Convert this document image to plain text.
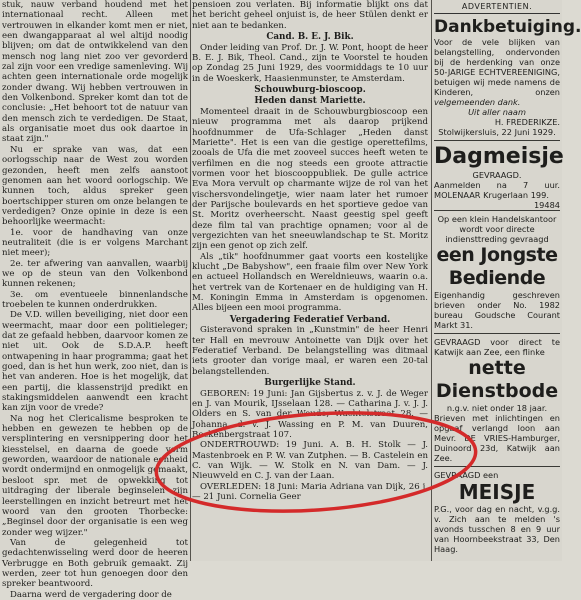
stuk, nauw verband houdend met het internationaal recht. Alleen met vertrouwen in elkander komt men er niet, een dwangapparaat al wel altijd noodig blijven; om dat de ontwikkelend van den mensch nog lang niet zoo ver gevorderd zal zijn voor een vredige samenleving. Wij achten geen internationale orde mogelijk zonder dwang. Wij hebben vertrouwen in den Volkenbond. Spreker komt dan tot de conclusie: „Het behoort tot de natuur van den mensch zich te verdedigen. De Staat, als organisatie moet dus ook daartoe in staat zijn."

Nu er sprake van was, dat een oorlogsschip naar de West zou worden gezonden, heeft men zelfs aanstoot genomen aan het woord oorlogschip. We kunnen toch, aldus spreker geen boertschipper sturen om onze belangen te verdedigen? Onze opinie in deze is een behoorlijke weermacht:

1e. voor de handhaving van onze neutraliteit (die is er volgens Marchant niet meer);

2e. ter afwering van aanvallen, waarbij we op de steun van den Volkenbond kunnen rekenen;

3e. om eventueele binnenlandsche troebelen te kunnen onderdrukken.

De V.D. willen beveiliging, niet door een weermacht, maar door een politieleger; dat ze gefaald hebben, daarvoor komen ze niet uit. Ook de S.D.A.P. heeft ontwapening in haar programma; gaat het goed, dan is het hun werk, zoo niet, dan is het van anderen. Hoe is het mogelijk, dat een partij, die klassenstrijd predikt en stakingsmiddelen aanwendt een kracht kan zijn voor de vrede?

Na nog het Clericalisme besproken te hebben en gewezen te hebben op de versplintering en versnippering door het kiesstelsel, en daarna de goede vorm geworden, waardoor de nationale eenheid wordt ondermijnd en onmogelijk gemaakt, besloot spr. met de opwekking tot uitdraging der liberale beginselen zijn leerstellingen en inzicht betreurt met het woord van den grooten Thorbecke: „Beginsel door der organisatie is een weg zonder weg wijzer."

Van de gelegenheid tot gedachtenwisseling werd door de heeren Verbrugge en Both gebruik gemaakt. Zij werden, zeer tot hun genoegen door den spreker beantwoord.

Daarna werd de vergadering door de

pensioen zou verlaten. Bij informatie blijkt ons dat het bericht geheel onjuist is, de heer Stülen denkt er niet aan te bedanken.

Cand. B. E. J. Bik.

Onder leiding van Prof. Dr. J. W. Pont, hoopt de heer B. E. J. Bik, Theol. Cand., zijn te Voorstel te houden op Zondag 25 Juni 1929, des voormiddags te 10 uur in de Woeskerk, Haasienmunster, te Amsterdam.

Schouwburg-bioscoop.

Heden danst Mariette.

Momenteel draait in de Schouwburgbioscoop een nieuw programma met als daarop prijkend hoofdnummer de Ufa-Schlager „Heden danst Mariette". Het is een van die gestige operettefilms, zooals de Ufa die met zooveel succes heeft weten te verfilmen en die nog steeds een groote attractie vormen voor het bioscooppubliek. De gulle actrice Eva Mora vervult op charmante wijze de rol van het vischersvondelingetje, wier naam later het rumoer der Parijsche boulevards en het sportieve gedoe van St. Moritz overheerscht. Naast geestig spel geeft deze film tal van prachtige opnamen; voor al de vergezichten van het sneeuwlandschap te St. Moritz zijn een genot op zich zelf.

Als „tik" hoofdnummer gaat voorts een kostelijke klucht „De Babyshow", een fraaie film over New York en actueel Hollandsch en Wereldnieuws, waarin o.a. het vertrek van de Kortenaer en de huldiging van H. M. Koningin Emma in Amsterdam is opgenomen. Alles bijeen een mooi programma.

Vergadering Federatief Verband.

Gisteravond spraken in „Kunstmin" de heer Henri ter Hall en mevrouw Antoinette van Dijk over het Federatief Verband. De belangstelling was ditmaal iets grooter dan vorige maal, er waren een 20-tal belangstellenden.

Burgerlijke Stand.

GEBOREN: 19 Juni: Jan Gijsbertus z. v. J. de Weger en J. van Mourik, IJsselaan 128. — Catharina J. v. J. J. Olders en S. van der Woude, Wachtelstraat 28. — Johanna, d. v. J. Wassing en P. M. van Duuren, Bockenbergstraat 107.

ONDERTROUWD: 19 Juni. A. B. H. Stolk — J. Mastenbroek en P. W. van Zutphen. — B. Castelein en C. van Wijk. — W. Stolk en N. van Dam. — J. Nieuwveld en C. J. van der Laan.

OVERLEDEN: 18 Juni: Maria Adriana van Dijk, 26 j. — 21 Juni. Cornelia Geer

ADVERTENTIEN.

Dankbetuiging.

Voor de vele blijken van belangstelling, ondervonden bij de herdenking van onze 50-JARIGE ECHTVEREENIGING, betuigen wij mede namens de Kinderen, onzen velgemeenden dank.

Uit aller naam

H. FREDERIKZE.

Stolwijkersluis, 22 Juni 1929.

Dagmeisje

GEVRAAGD.

Aanmelden na 7 uur. MOLENAAR Krugerlaan 199.
19484

Op een klein Handelskantoor wordt voor directe indiensttreding gevraagd

een Jongste Bediende

Eigenhandig geschreven brieven onder No. 1982 bureau Goudsche Courant Markt 31.

GEVRAAGD voor direct te Katwijk aan Zee, een flinke

nette Dienstbode

n.g.v. niet onder 18 jaar.

Brieven met inlichtingen en opgaaf verlangd loon aan Mevr. DE VRIES-Hamburger, Duinoord 23d, Katwijk aan Zee.

GEVRAAGD een

MEISJE

P.G., voor dag en nacht, v.g.g. v. Zich aan te melden 's avonds tusschen 8 en 9 uur van Hoornbeekstraat 33, Den Haag.
